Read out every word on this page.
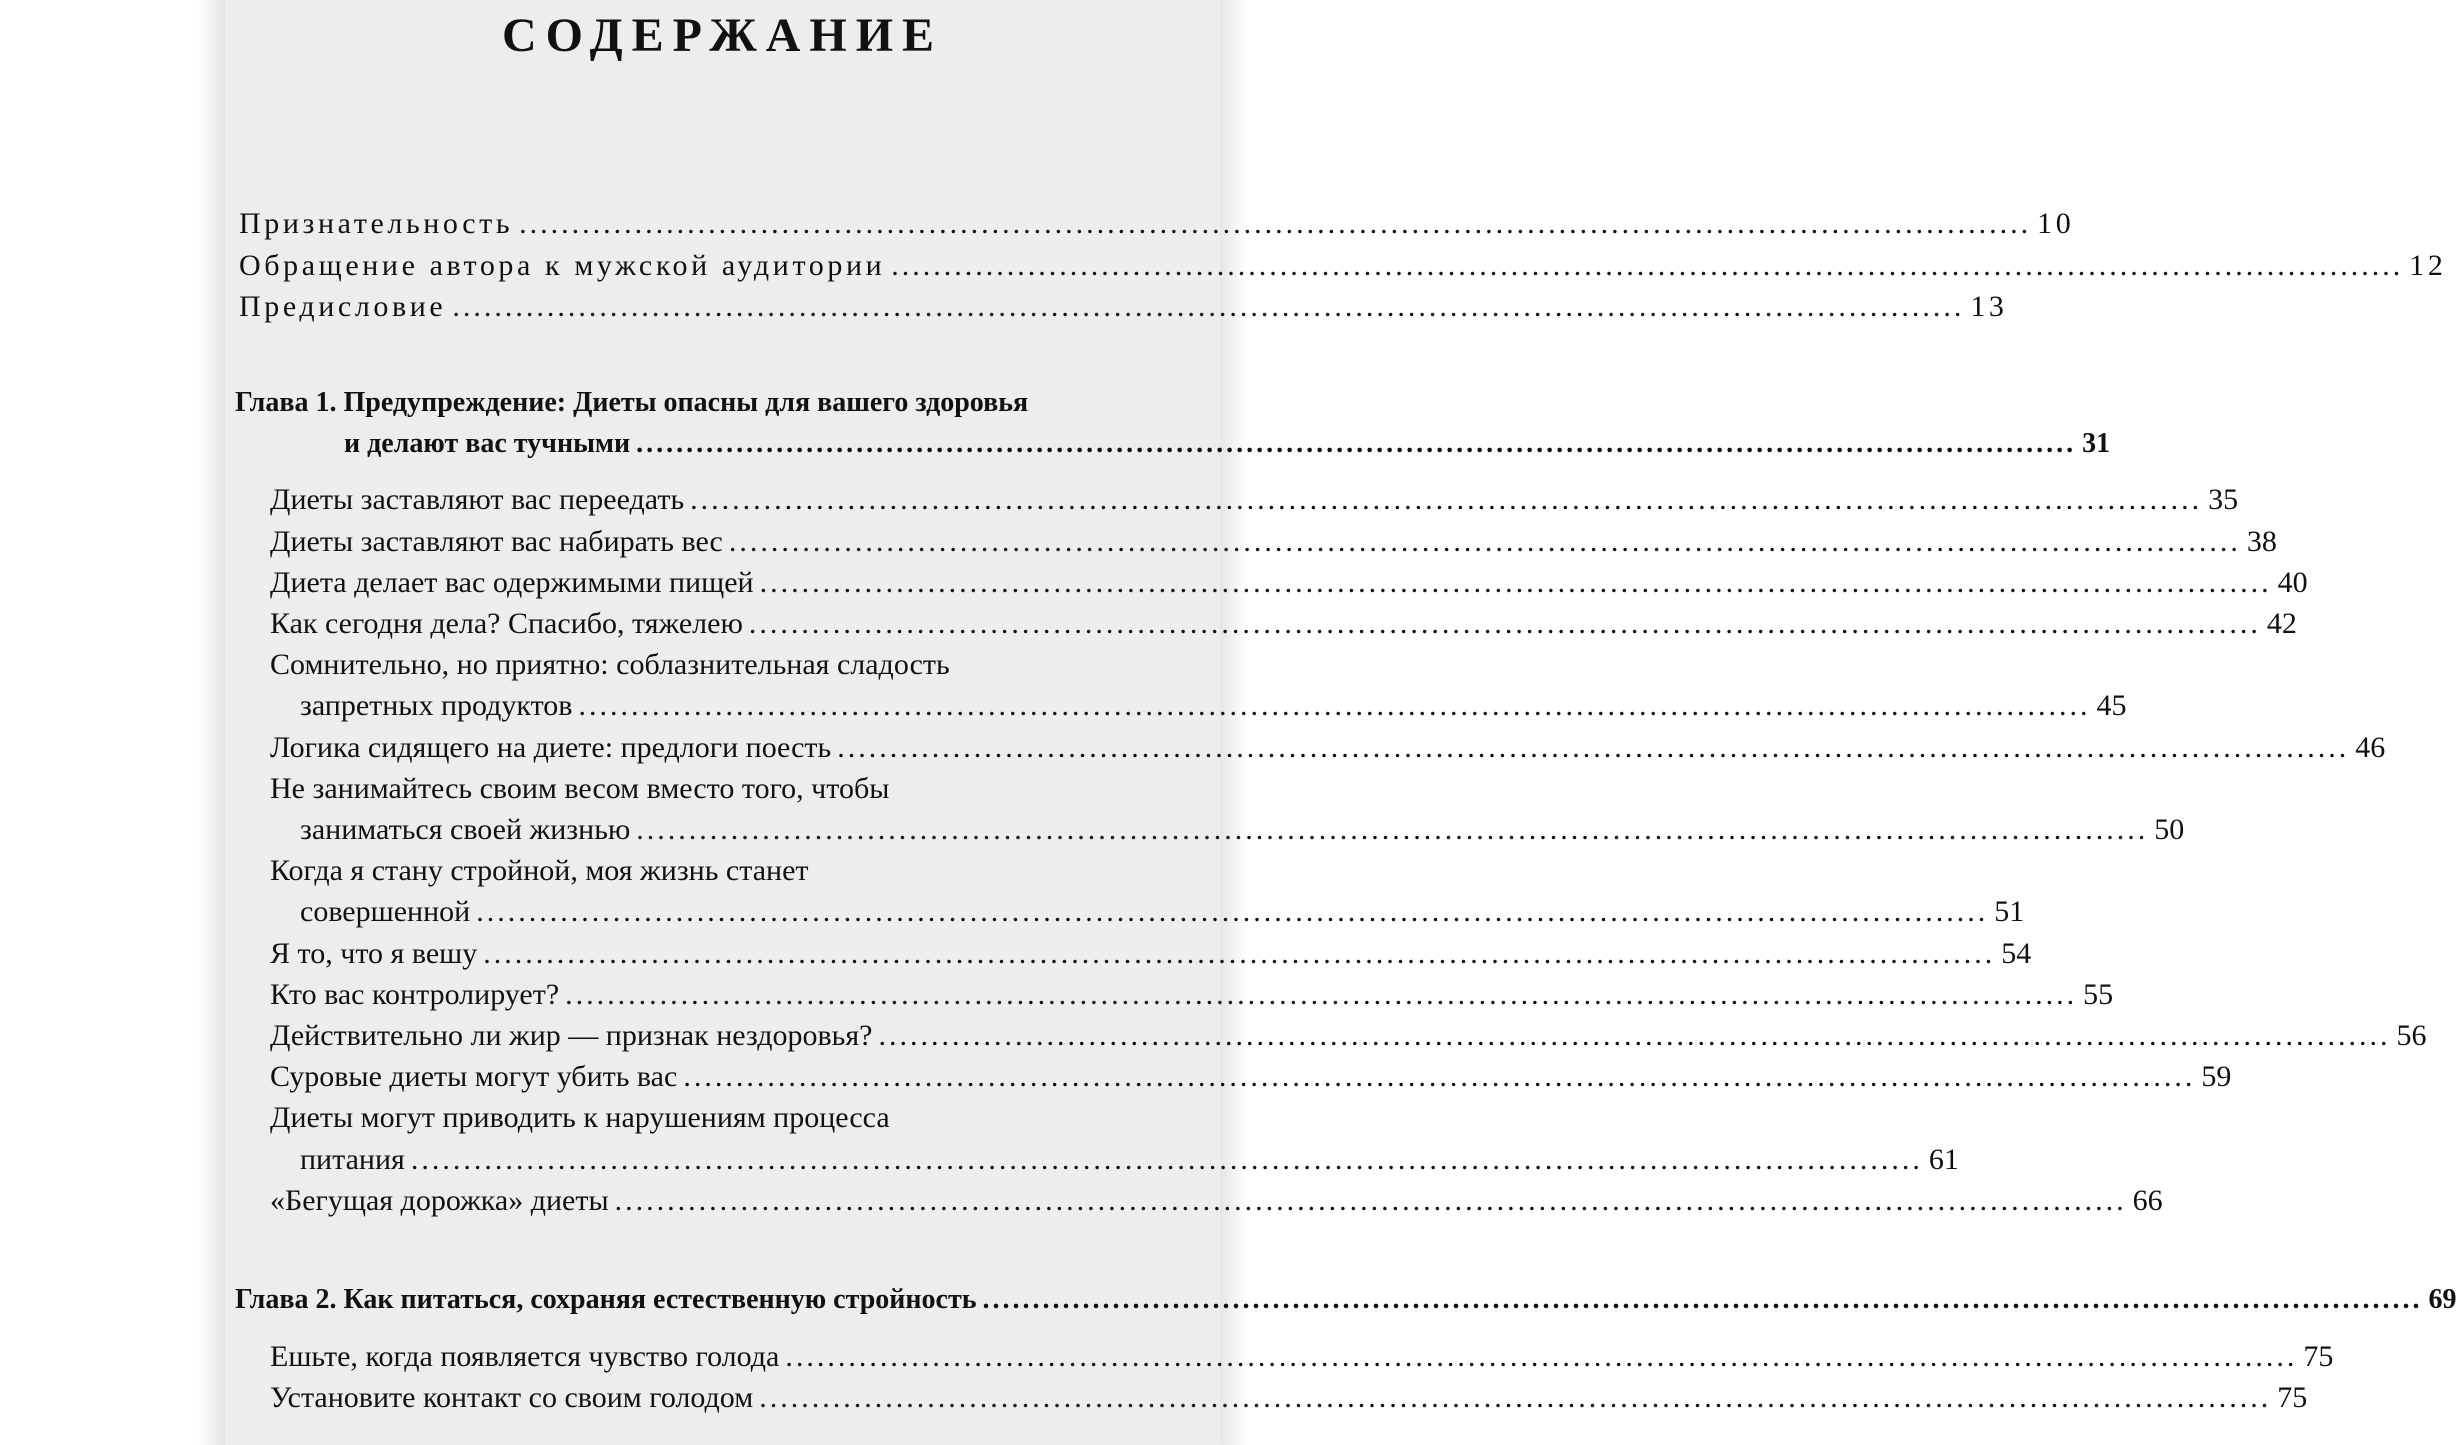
СОДЕРЖАНИЕ
Признательность ................................................................................................................................................ 10
Обращение автора к мужской аудитории ................................................................................................................................................ 12
Предисловие ................................................................................................................................................ 13
Глава 1. Предупреждение: Диеты опасны для вашего здоровья
и делают вас тучными ................................................................................................................................................ 31
Диеты заставляют вас переедать ................................................................................................................................................ 35
Диеты заставляют вас набирать вес ................................................................................................................................................ 38
Диета делает вас одержимыми пищей ................................................................................................................................................ 40
Как сегодня дела? Спасибо, тяжелею ................................................................................................................................................ 42
Сомнительно, но приятно: соблазнительная сладость
запретных продуктов ................................................................................................................................................ 45
Логика сидящего на диете: предлоги поесть ................................................................................................................................................ 46
Не занимайтесь своим весом вместо того, чтобы
заниматься своей жизнью ................................................................................................................................................ 50
Когда я стану стройной, моя жизнь станет
совершенной ................................................................................................................................................ 51
Я то, что я вешу ................................................................................................................................................ 54
Кто вас контролирует? ................................................................................................................................................ 55
Действительно ли жир — признак нездоровья? ................................................................................................................................................ 56
Суровые диеты могут убить вас ................................................................................................................................................ 59
Диеты могут приводить к нарушениям процесса
питания ................................................................................................................................................ 61
«Бегущая дорожка» диеты ................................................................................................................................................ 66
Глава 2. Как питаться, сохраняя естественную стройность ................................................................................................................................................ 69
Ешьте, когда появляется чувство голода ................................................................................................................................................ 75
Установите контакт со своим голодом ................................................................................................................................................ 75
